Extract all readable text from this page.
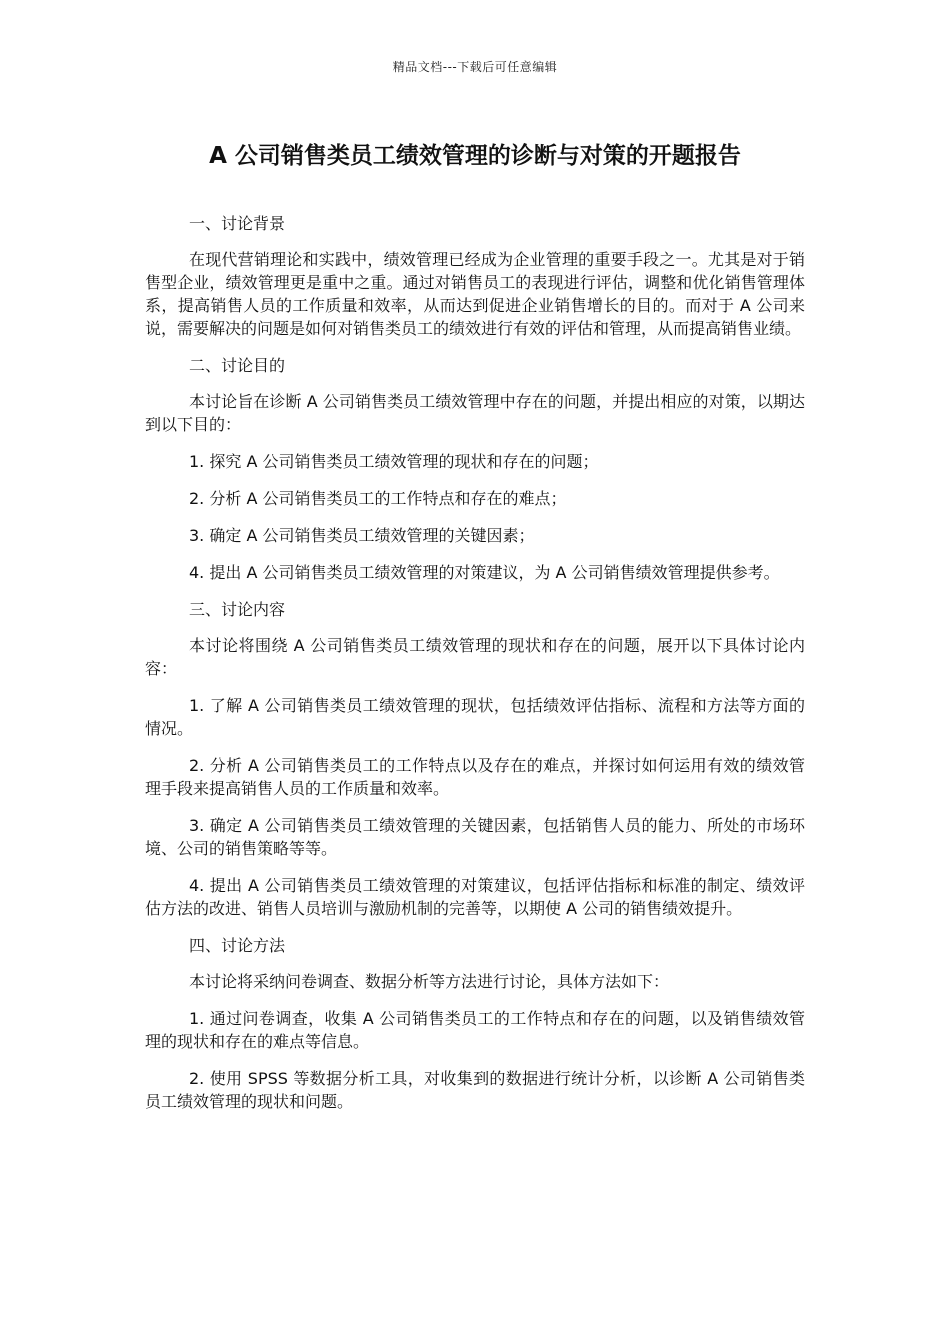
精品文档---下载后可任意编辑
A 公司销售类员工绩效管理的诊断与对策的开题报告

一、讨论背景

在现代营销理论和实践中，绩效管理已经成为企业管理的重要手段之一。尤其是对于销售型企业，绩效管理更是重中之重。通过对销售员工的表现进行评估，调整和优化销售管理体系，提高销售人员的工作质量和效率，从而达到促进企业销售增长的目的。而对于 A 公司来说，需要解决的问题是如何对销售类员工的绩效进行有效的评估和管理，从而提高销售业绩。

二、讨论目的

本讨论旨在诊断 A 公司销售类员工绩效管理中存在的问题，并提出相应的对策，以期达到以下目的：

1. 探究 A 公司销售类员工绩效管理的现状和存在的问题；

2. 分析 A 公司销售类员工的工作特点和存在的难点；

3. 确定 A 公司销售类员工绩效管理的关键因素；

4. 提出 A 公司销售类员工绩效管理的对策建议，为 A 公司销售绩效管理提供参考。

三、讨论内容

本讨论将围绕 A 公司销售类员工绩效管理的现状和存在的问题，展开以下具体讨论内容：

1. 了解 A 公司销售类员工绩效管理的现状，包括绩效评估指标、流程和方法等方面的情况。

2. 分析 A 公司销售类员工的工作特点以及存在的难点，并探讨如何运用有效的绩效管理手段来提高销售人员的工作质量和效率。

3. 确定 A 公司销售类员工绩效管理的关键因素，包括销售人员的能力、所处的市场环境、公司的销售策略等等。

4. 提出 A 公司销售类员工绩效管理的对策建议，包括评估指标和标准的制定、绩效评估方法的改进、销售人员培训与激励机制的完善等，以期使 A 公司的销售绩效提升。

四、讨论方法

本讨论将采纳问卷调查、数据分析等方法进行讨论，具体方法如下：

1. 通过问卷调查，收集 A 公司销售类员工的工作特点和存在的问题，以及销售绩效管理的现状和存在的难点等信息。

2. 使用 SPSS 等数据分析工具，对收集到的数据进行统计分析，以诊断 A 公司销售类员工绩效管理的现状和问题。
